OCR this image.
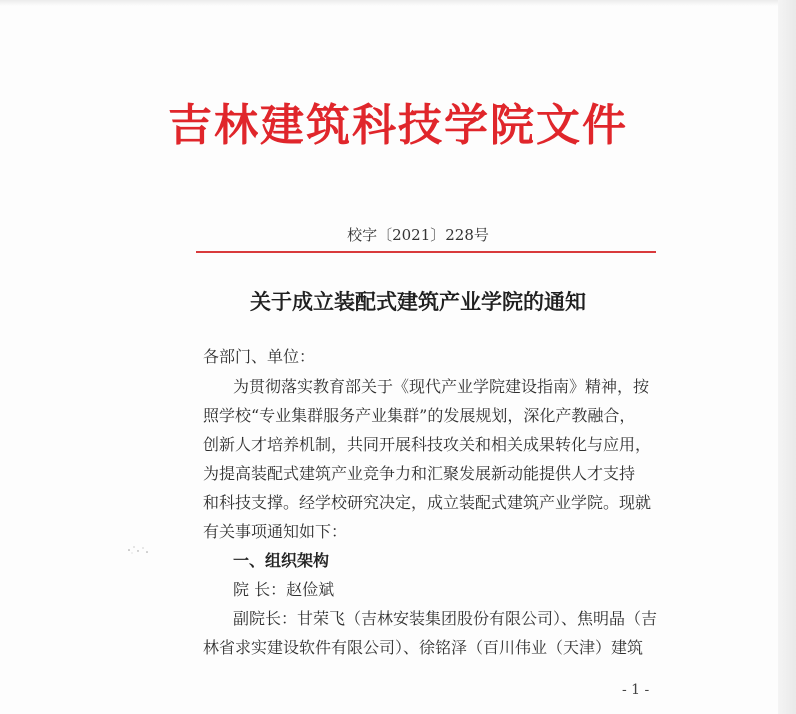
吉林建筑科技学院文件
校字〔2021〕228号
关于成立装配式建筑产业学院的通知
各部门、单位：
为贯彻落实教育部关于《现代产业学院建设指南》精神，按
照学校“专业集群服务产业集群”的发展规划，深化产教融合，
创新人才培养机制，共同开展科技攻关和相关成果转化与应用，
为提高装配式建筑产业竞争力和汇聚发展新动能提供人才支持
和科技支撑。经学校研究决定，成立装配式建筑产业学院。现就
有关事项通知如下：
一、组织架构
院 长：赵俭斌
副院长：甘荣飞（吉林安装集团股份有限公司）、焦明晶（吉
林省求实建设软件有限公司）、徐铭泽（百川伟业（天津）建筑
- 1 -
